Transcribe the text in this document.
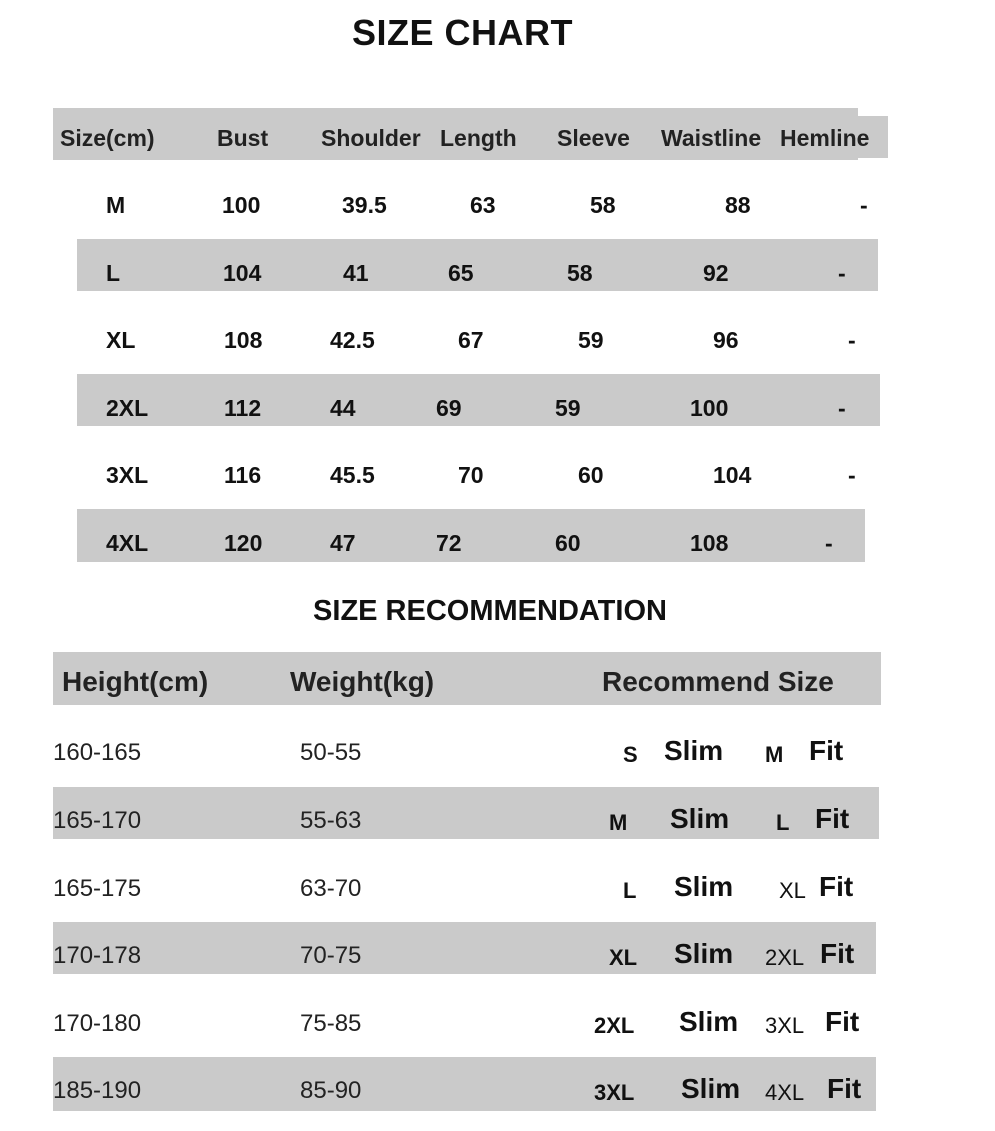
SIZE CHART
Size(cm)	Bust Shoulder Length Sleeve Waistline Hemline
M	100	39.5	63	58	88	-
L	104	41	65	58	92	-
XL	108	42.5	67	59	96	-
2XL	112	44	69	59	100	-
3XL	116	45.5	70	60	104	-
4XL	120	47	72	60	108	-
SIZE RECOMMENDATION
Height(cm)	Weight(kg)	Recommend Size
160-165	50-55	S Slim M Fit
165-170	55-63	M Slim L Fit
165-175	63-70	L Slim XL Fit
170-178	70-75	XL Slim 2XL Fit
170-180	75-85	2XL Slim 3XL Fit
185-190	85-90	3XL Slim 4XL Fit
